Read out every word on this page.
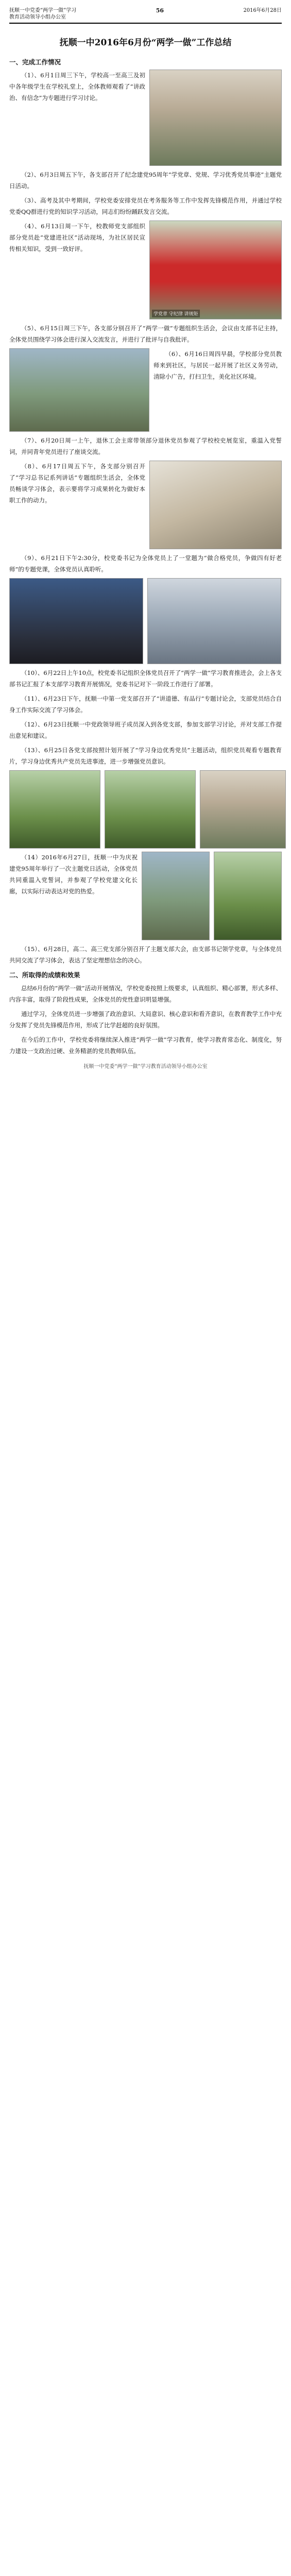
抚顺一中党委“两学一做”学习
教育活动领导小组办公室
56	2016年6月28日
抚顺一中2016年6月份“两学一做”工作总结
一、完成工作情况

（1）、6月1日周三下午，学校高一至高三及初中各年级学生在学校礼堂上，全体教师观看了“讲政治、有信念”为专题进行学习讨论。

（2）、6月3日周五下午，各支部召开了纪念建党95周年“学党章、党规、学习优秀党员事迹”主题党日活动。

（3）、高考及其中考期间，学校党委安排党员在考务服务等工作中发挥先锋模范作用，并通过学校党委QQ群进行党的知识学习活动，同志们纷纷踊跃发言交流。

（4）、6月13日周一下午，校教师党支部组织部分党员赴“党建进社区”活动现场，为社区居民宣传相关知识，受到一致好评。

学党章 守纪律 讲规矩

（5）、6月15日周三下午，各支部分别召开了“两学一做”专题组织生活会，会议由支部书记主持，全体党员围绕学习体会进行深入交流发言，并进行了批评与自我批评。

（6）、6月16日周四早晨，学校部分党员教师来到社区，与居民一起开展了社区义务劳动，清除小广告，打扫卫生，美化社区环境。

（7）、6月20日周一上午，退休工会主席带领部分退休党员参观了学校校史展览室，重温入党誓词，并同青年党员进行了座谈交流。

（8）、6月17日周五下午，各支部分别召开了“学习总书记系列讲话”专题组织生活会，全体党员畅谈学习体会，表示要将学习成果转化为做好本职工作的动力。

（9）、6月21日下午2:30分，校党委书记为全体党员上了一堂题为“做合格党员，争做四有好老师”的专题党课，全体党员认真聆听。

（10）、6月22日上午10点，校党委书记组织全体党员召开了“两学一做”学习教育推进会，会上各支部书记汇报了本支部学习教育开展情况，党委书记对下一阶段工作进行了部署。

（11）、6月23日下午，抚顺一中第一党支部召开了“讲道德、有品行”专题讨论会，支部党员结合自身工作实际交流了学习体会。

（12）、6月23日抚顺一中党政领导班子成员深入到各党支部，参加支部学习讨论，并对支部工作提出意见和建议。

（13）、6月25日各党支部按照计划开展了“学习身边优秀党员”主题活动，组织党员观看专题教育片，学习身边优秀共产党员先进事迹，进一步增强党员意识。

（14）2016年6月27日，抚顺一中为庆祝建党95周年举行了一次主题党日活动，全体党员共同重温入党誓词，并参观了学校党建文化长廊，以实际行动表达对党的热爱。

（15）、6月28日，高二、高三党支部分别召开了主题支部大会，由支部书记领学党章，与全体党员共同交流了学习体会，表达了坚定理想信念的决心。

二、所取得的成绩和效果

总结6月份的“两学一做”活动开展情况，学校党委按照上级要求，认真组织、精心部署，形式多样、内容丰富，取得了阶段性成果，全体党员的党性意识明显增强。

通过学习，全体党员进一步增强了政治意识、大局意识、核心意识和看齐意识，在教育教学工作中充分发挥了党员先锋模范作用，形成了比学赶超的良好氛围。

在今后的工作中，学校党委将继续深入推进“两学一做”学习教育，使学习教育常态化、制度化，努力建设一支政治过硬、业务精湛的党员教师队伍。

抚顺一中党委“两学一做”学习教育活动领导小组办公室
